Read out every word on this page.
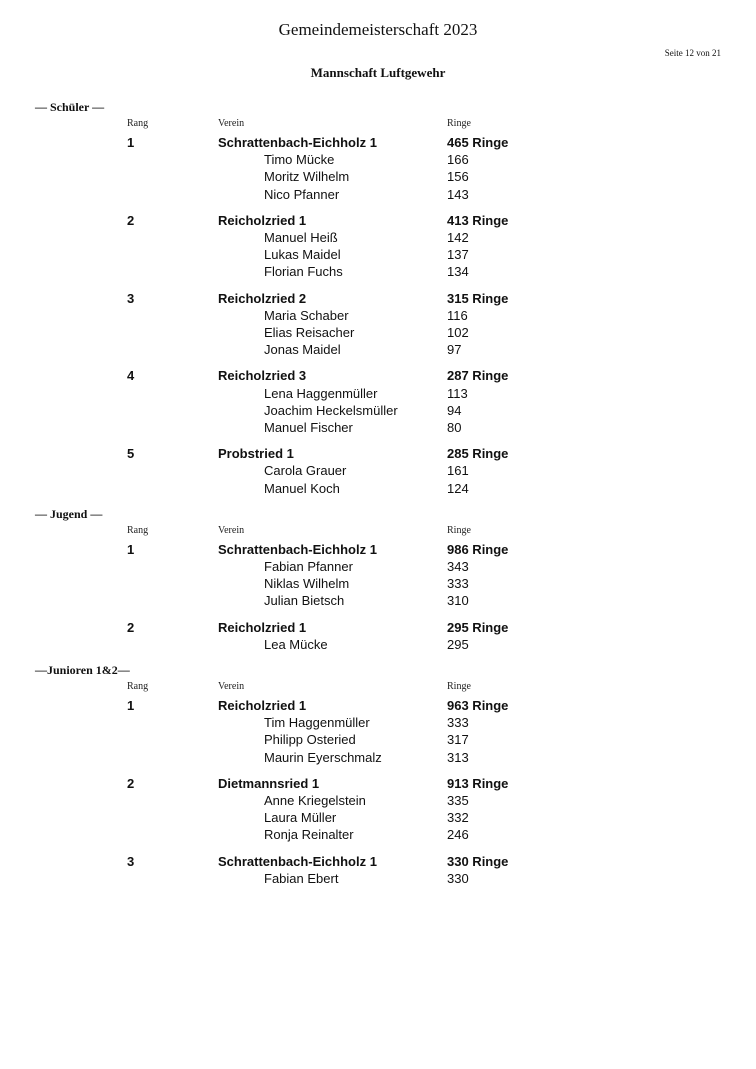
Gemeindemeisterschaft 2023
Seite 12 von 21
Mannschaft Luftgewehr
— Schüler —
Rang	Verein	Ringe
1	Schrattenbach-Eichholz 1	465 Ringe
Timo Mücke	166
Moritz Wilhelm	156
Nico Pfanner	143
2	Reicholzried 1	413 Ringe
Manuel Heiß	142
Lukas Maidel	137
Florian Fuchs	134
3	Reicholzried 2	315 Ringe
Maria Schaber	116
Elias Reisacher	102
Jonas Maidel	97
4	Reicholzried 3	287 Ringe
Lena Haggenmüller	113
Joachim Heckelsmüller	94
Manuel Fischer	80
5	Probstried 1	285 Ringe
Carola Grauer	161
Manuel Koch	124
— Jugend —
Rang	Verein	Ringe
1	Schrattenbach-Eichholz 1	986 Ringe
Fabian Pfanner	343
Niklas Wilhelm	333
Julian Bietsch	310
2	Reicholzried 1	295 Ringe
Lea Mücke	295
—Junioren 1&2—
Rang	Verein	Ringe
1	Reicholzried 1	963 Ringe
Tim Haggenmüller	333
Philipp Osteried	317
Maurin Eyerschmalz	313
2	Dietmannsried 1	913 Ringe
Anne Kriegelstein	335
Laura Müller	332
Ronja Reinalter	246
3	Schrattenbach-Eichholz 1	330 Ringe
Fabian Ebert	330
